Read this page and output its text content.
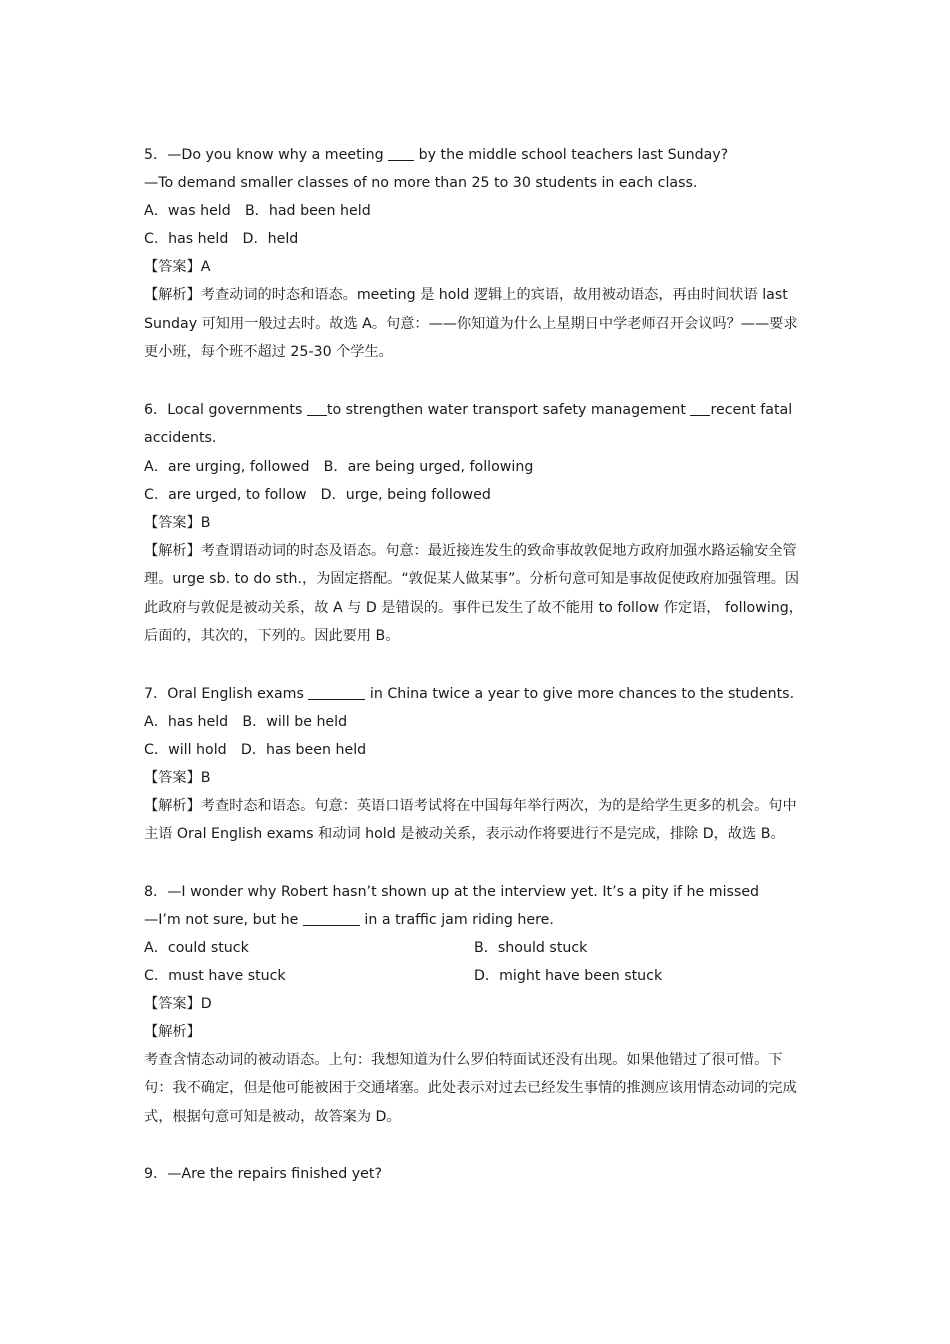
5．—Do you know why a meeting  by the middle school teachers last Sunday?
—To demand smaller classes of no more than 25 to 30 students in each class.
A．was held　B．had been held
C．has held　D．held
【答案】A
【解析】考查动词的时态和语态。meeting 是 hold 逻辑上的宾语，故用被动语态，再由时间状语 last Sunday 可知用一般过去时。故选 A。句意：——你知道为什么上星期日中学老师召开会议吗？——要求更小班，每个班不超过 25-30 个学生。
6．Local governments to strengthen water transport safety management recent fatal accidents.
A．are urging, followed　B．are being urged, following
C．are urged, to follow　D．urge, being followed
【答案】B
【解析】考查谓语动词的时态及语态。句意：最近接连发生的致命事故敦促地方政府加强水路运输安全管理。urge sb. to do sth.，为固定搭配。“敦促某人做某事”。分析句意可知是事故促使政府加强管理。因此政府与敦促是被动关系，故 A 与 D 是错误的。事件已发生了故不能用 to follow 作定语， following，后面的，其次的，下列的。因此要用 B。
7．Oral English exams	in China twice a year to give more chances to the students.
A．has held　B．will be held
C．will hold　D．has been held
【答案】B
【解析】考查时态和语态。句意：英语口语考试将在中国每年举行两次，为的是给学生更多的机会。句中主语 Oral English exams 和动词 hold 是被动关系，表示动作将要进行不是完成，排除 D，故选 B。
8．—I wonder why Robert hasn’t shown up at the interview yet. It’s a pity if he missed
—I’m not sure, but he	in a traffic jam riding here.
A．could stuck	B．should stuck
C．must have stuck	D．might have been stuck
【答案】D
【解析】
考查含情态动词的被动语态。上句：我想知道为什么罗伯特面试还没有出现。如果他错过了很可惜。下句：我不确定，但是他可能被困于交通堵塞。此处表示对过去已经发生事情的推测应该用情态动词的完成式，根据句意可知是被动，故答案为 D。
9．—Are the repairs finished yet?
